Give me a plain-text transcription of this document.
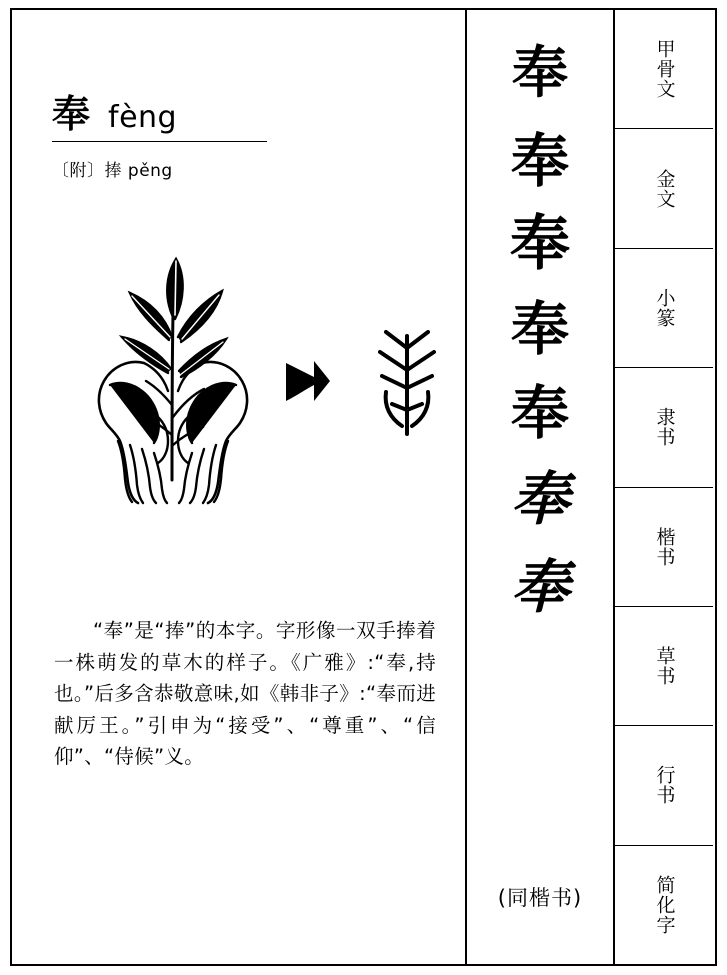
奉 fèng
〔附〕捧 pěng

“奉”是“捧”的本字。字形像一双手捧着一株萌发的草木的样子。《广雅》:“奉,持也。”后多含恭敬意味,如《韩非子》:“奉而进献厉王。”引申为“接受”、“尊重”、“信仰”、“侍候”义。

奉
奉
奉
奉
奉
奉
奉
(同楷书)
甲骨文
金文
小篆
隶书
楷书
草书
行书
简化字
